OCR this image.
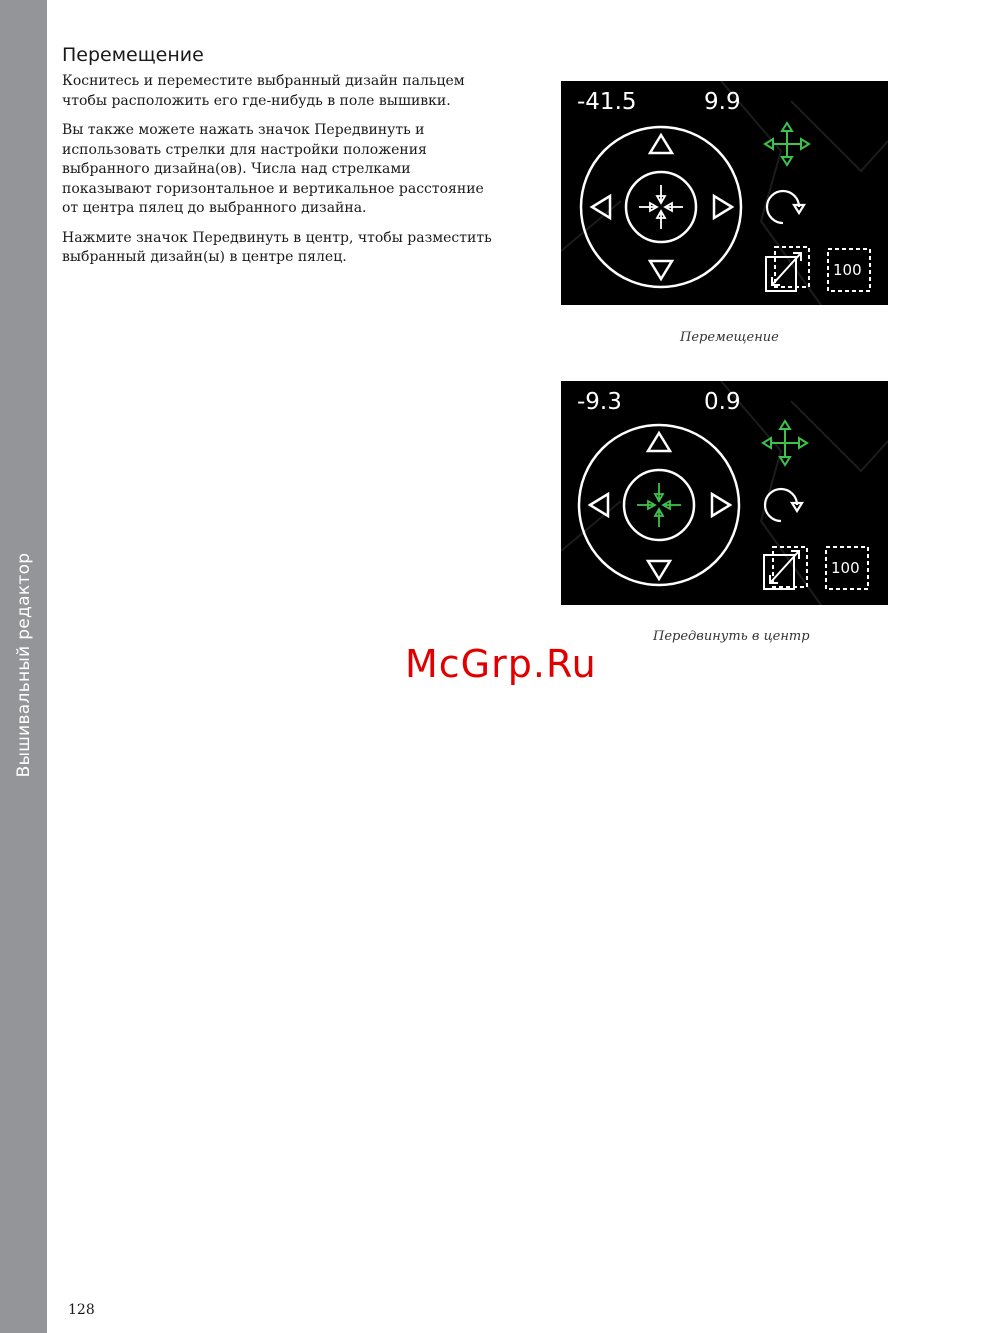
Вышивальный редактор
Перемещение

Коснитесь и переместите выбранный дизайн пальцем чтобы расположить его где-нибудь в поле вышивки.

Вы также можете нажать значок Передвинуть и использовать стрелки для настройки положения выбранного дизайна(ов). Числа над стрелками показывают горизонтальное и вертикальное расстояние от центра пялец до выбранного дизайна.

Нажмите значок Передвинуть в центр, чтобы разместить выбранный дизайн(ы) в центре пялец.

-41.5	9.9
100
Перемещение
-9.3	0.9
100
Передвинуть в центр
McGrp.Ru
128
